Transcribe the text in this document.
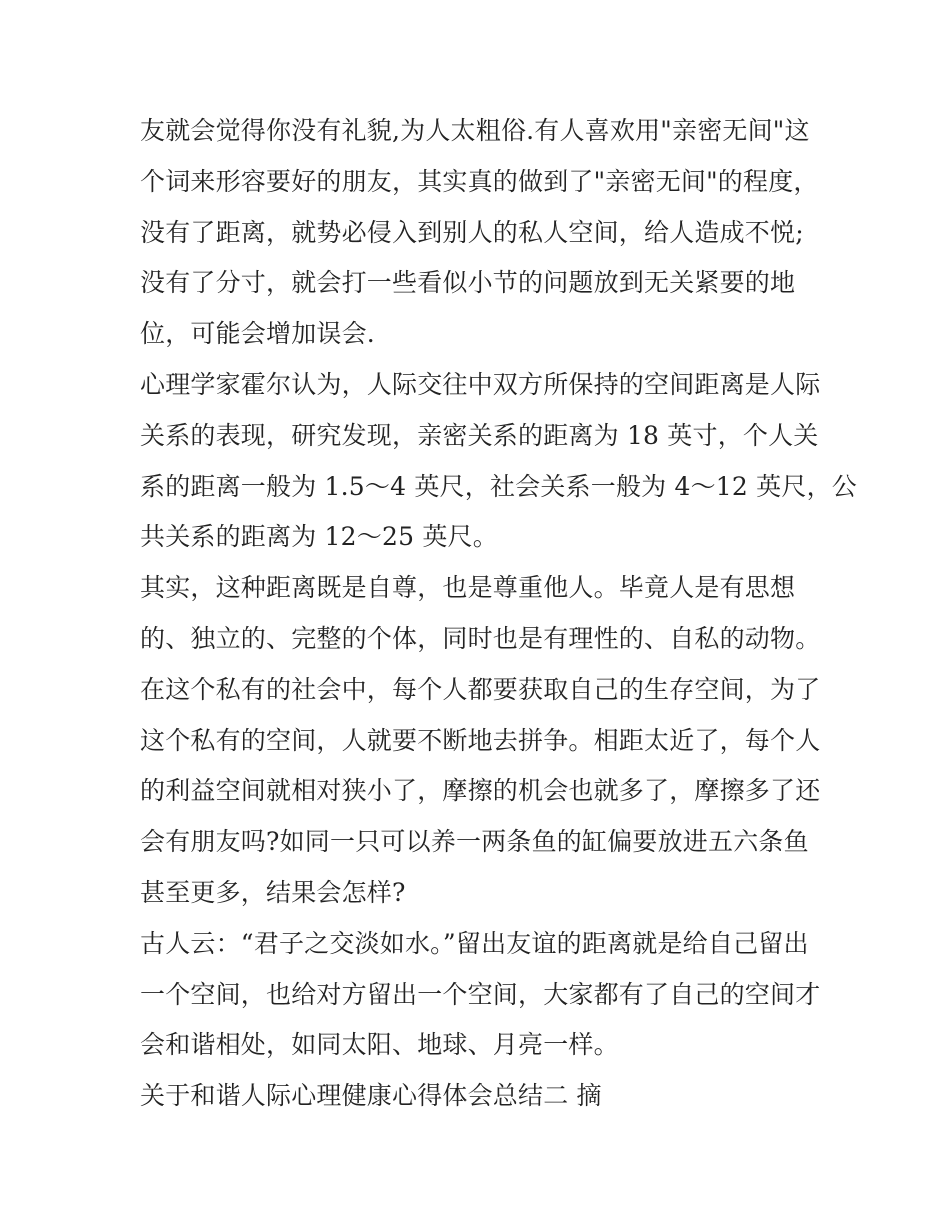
友就会觉得你没有礼貌,为人太粗俗.有人喜欢用"亲密无间"这
个词来形容要好的朋友，其实真的做到了"亲密无间"的程度，
没有了距离，就势必侵入到别人的私人空间，给人造成不悦;
没有了分寸，就会打一些看似小节的问题放到无关紧要的地
位，可能会增加误会.
心理学家霍尔认为，人际交往中双方所保持的空间距离是人际
关系的表现，研究发现，亲密关系的距离为 18 英寸，个人关
系的距离一般为 1.5～4 英尺，社会关系一般为 4～12 英尺，公
共关系的距离为 12～25 英尺。
其实，这种距离既是自尊，也是尊重他人。毕竟人是有思想
的、独立的、完整的个体，同时也是有理性的、自私的动物。
在这个私有的社会中，每个人都要获取自己的生存空间，为了
这个私有的空间，人就要不断地去拼争。相距太近了，每个人
的利益空间就相对狭小了，摩擦的机会也就多了，摩擦多了还
会有朋友吗?如同一只可以养一两条鱼的缸偏要放进五六条鱼
甚至更多，结果会怎样?
古人云：“君子之交淡如水。”留出友谊的距离就是给自己留出
一个空间，也给对方留出一个空间，大家都有了自己的空间才
会和谐相处，如同太阳、地球、月亮一样。
关于和谐人际心理健康心得体会总结二 摘
